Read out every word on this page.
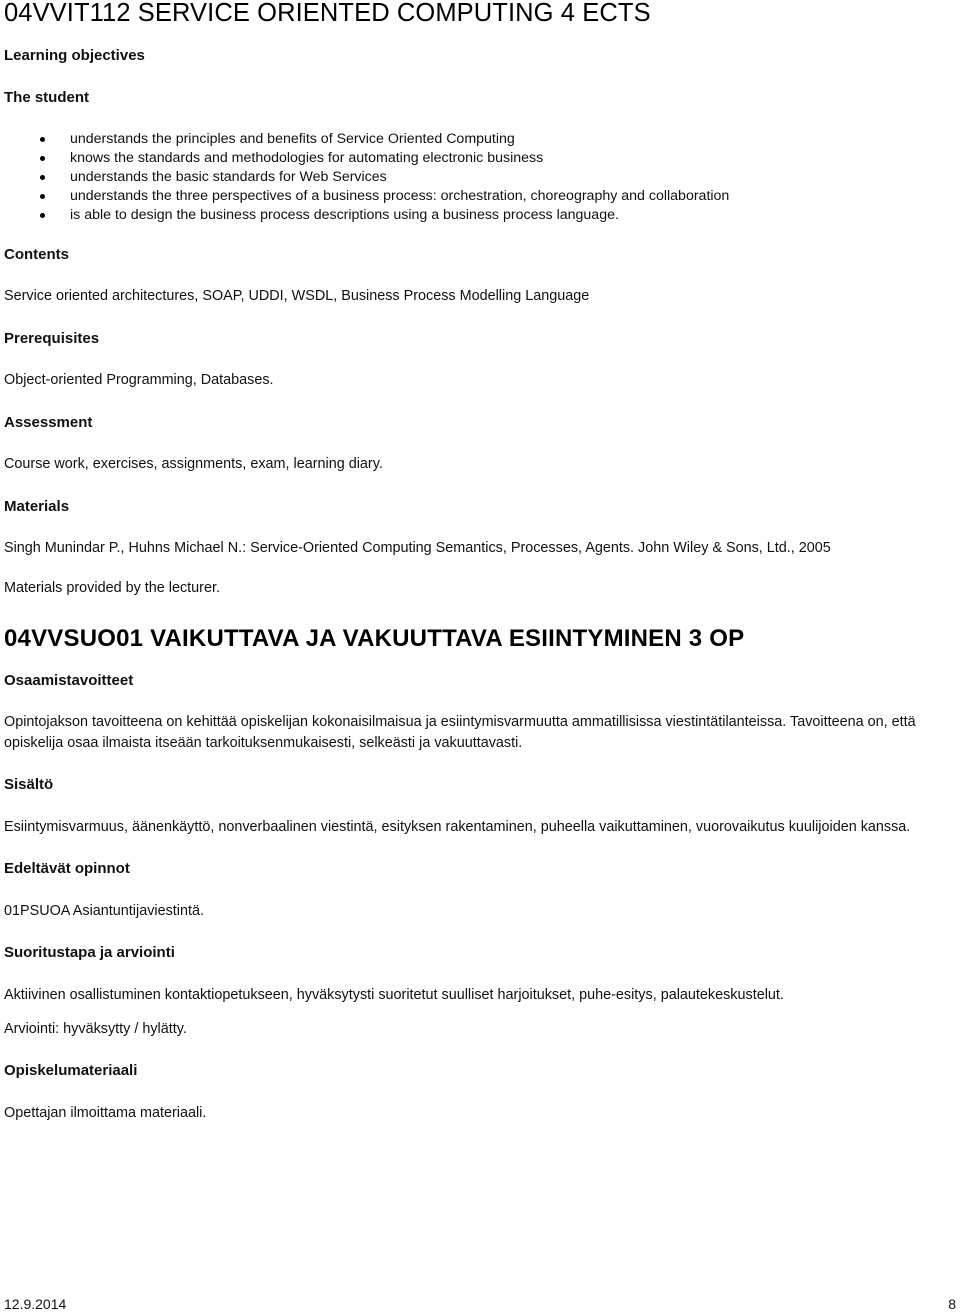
04VVIT112 SERVICE ORIENTED COMPUTING 4 ECTS
Learning objectives
The student
understands the principles and benefits of Service Oriented Computing
knows the standards and methodologies for automating electronic business
understands the basic standards for Web Services
understands the three perspectives of a business process: orchestration, choreography and collaboration
is able to design the business process descriptions using a business process language.
Contents

Service oriented architectures, SOAP, UDDI, WSDL, Business Process Modelling Language

Prerequisites

Object-oriented Programming, Databases.

Assessment

Course work, exercises, assignments, exam, learning diary.

Materials

Singh Munindar P., Huhns Michael N.: Service-Oriented Computing Semantics, Processes, Agents. John Wiley & Sons, Ltd., 2005

Materials provided by the lecturer.

04VVSUO01 VAIKUTTAVA JA VAKUUTTAVA ESIINTYMINEN 3 OP
Osaamistavoitteet

Opintojakson tavoitteena on kehittää opiskelijan kokonaisilmaisua ja esiintymisvarmuutta ammatillisissa viestintätilanteissa. Tavoitteena on, että opiskelija osaa ilmaista itseään tarkoituksenmukaisesti, selkeästi ja vakuuttavasti.

Sisältö

Esiintymisvarmuus, äänenkäyttö, nonverbaalinen viestintä, esityksen rakentaminen, puheella vaikuttaminen, vuorovaikutus kuulijoiden kanssa.

Edeltävät opinnot

01PSUOA Asiantuntijaviestintä.

Suoritustapa ja arviointi

Aktiivinen osallistuminen kontaktiopetukseen, hyväksytysti suoritetut suulliset harjoitukset, puhe-esitys, palautekeskustelut.

Arviointi: hyväksytty / hylätty.

Opiskelumateriaali

Opettajan ilmoittama materiaali.

12.9.2014	8
